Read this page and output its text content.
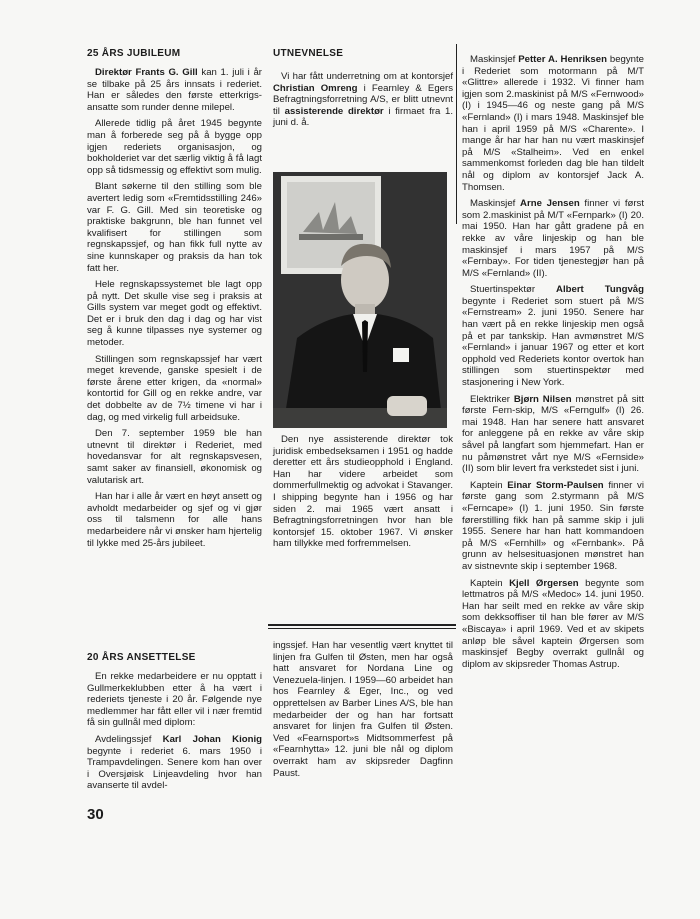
25 ÅRS JUBILEUM

Direktør Frants G. Gill kan 1. juli i år se tilbake på 25 års innsats i rederiet. Han er således den første etterkrigs-ansatte som runder denne milepel.

Allerede tidlig på året 1945 begynte man å forberede seg på å bygge opp igjen rederiets organisasjon, og bokholderiet var det særlig viktig å få lagt opp så tidsmessig og effektivt som mulig.

Blant søkerne til den stilling som ble avertert ledig som «Fremtidsstilling 246» var F. G. Gill. Med sin teoretiske og praktiske bakgrunn, ble han funnet vel kvalifisert for stillingen som regnskapssjef, og han fikk full nytte av sine kunnskaper og praksis da han tok fatt her.

Hele regnskapssystemet ble lagt opp på nytt. Det skulle vise seg i praksis at Gills system var meget godt og effektivt. Det er i bruk den dag i dag og har vist seg å kunne tilpasses nye systemer og metoder.

Stillingen som regnskapssjef har vært meget krevende, ganske spesielt i de første årene etter krigen, da «normal» kontortid for Gill og en rekke andre, var det dobbelte av de 7½ timene vi har i dag, og med virkelig full arbeidsuke.

Den 7. september 1959 ble han utnevnt til direktør i Rederiet, med hovedansvar for alt regnskapsvesen, samt saker av finansiell, økonomisk og valutarisk art.

Han har i alle år vært en høyt ansett og avholdt medarbeider og sjef og vi gjør oss til talsmenn for alle hans medarbeidere når vi ønsker ham hjertelig til lykke med 25-års jubileet.

20 ÅRS ANSETTELSE

En rekke medarbeidere er nu opptatt i Gullmerkeklubben etter å ha vært i rederiets tjeneste i 20 år. Følgende nye medlemmer har fått eller vil i nær fremtid få sin gullnål med diplom:

Avdelingssjef Karl Johan Kionig begynte i rederiet 6. mars 1950 i Trampavdelingen. Senere kom han over i Oversjøisk Linjeavdeling hvor han avanserte til avdel-

30

UTNEVNELSE

Vi har fått underretning om at kontorsjef Christian Omreng i Fearnley & Egers Befragtningsforretning A/S, er blitt utnevnt til assisterende direktør i firmaet fra 1. juni d. å.

Den nye assisterende direktør tok juridisk embedseksamen i 1951 og hadde deretter ett års studieopphold i England. Han har videre arbeidet som dommerfullmektig og advokat i Stavanger. I shipping begynte han i 1956 og har siden 2. mai 1965 vært ansatt i Befragtningsforretningen hvor han ble kontorsjef 15. oktober 1967. Vi ønsker ham tillykke med forfremmelsen.

ingssjef. Han har vesentlig vært knyttet til linjen fra Gulfen til Østen, men har også hatt ansvaret for Nordana Line og Venezuela-linjen. I 1959—60 arbeidet han hos Fearnley & Eger, Inc., og ved opprettelsen av Barber Lines A/S, ble han medarbeider der og han har fortsatt ansvaret for linjen fra Gulfen til Østen. Ved «Fearnsport»s Midtsommerfest på «Fearnhytta» 12. juni ble nål og diplom overrakt ham av skipsreder Dagfinn Paust.

Maskinsjef Petter A. Henriksen begynte i Rederiet som motormann på M/T «Glittre» allerede i 1932. Vi finner ham igjen som 2.maskinist på M/S «Fernwood» (I) i 1945—46 og neste gang på M/S «Fernland» (I) i mars 1948. Maskinsjef ble han i april 1959 på M/S «Charente». I mange år har har han nu vært maskinsjef på M/S «Stalheim». Ved en enkel sammenkomst forleden dag ble han tildelt nål og diplom av kontorsjef Jack A. Thomsen.

Maskinsjef Arne Jensen finner vi først som 2.maskinist på M/T «Fernpark» (I) 20. mai 1950. Han har gått gradene på en rekke av våre linjeskip og han ble maskinsjef i mars 1957 på M/S «Fernbay». For tiden tjenestegjør han på M/S «Fernland» (II).

Stuertinspektør Albert Tungvåg begynte i Rederiet som stuert på M/S «Fernstream» 2. juni 1950. Senere har han vært på en rekke linjeskip men også på et par tankskip. Han avmønstret M/S «Fernland» i januar 1967 og etter et kort opphold ved Rederiets kontor overtok han stillingen som stuertinspektør med stasjonering i New York.

Elektriker Bjørn Nilsen mønstret på sitt første Fern-skip, M/S «Ferngulf» (I) 26. mai 1948. Han har senere hatt ansvaret for anleggene på en rekke av våre skip såvel på langfart som hjemmefart. Han er nu påmønstret vårt nye M/S «Fernside» (II) som blir levert fra verkstedet sist i juni.

Kaptein Einar Storm-Paulsen finner vi første gang som 2.styrmann på M/S «Ferncape» (I) 1. juni 1950. Sin første førerstilling fikk han på samme skip i juli 1955. Senere har han hatt kommandoen på M/S «Fernhill» og «Fernbank». På grunn av helsesituasjonen mønstret han av sistnevnte skip i september 1968.

Kaptein Kjell Ørgersen begynte som lettmatros på M/S «Medoc» 14. juni 1950. Han har seilt med en rekke av våre skip som dekksoffiser til han ble fører av M/S «Biscaya» i april 1969. Ved et av skipets anløp ble såvel kaptein Ørgersen som maskinsjef Begby overrakt gullnål og diplom av skipsreder Thomas Astrup.
